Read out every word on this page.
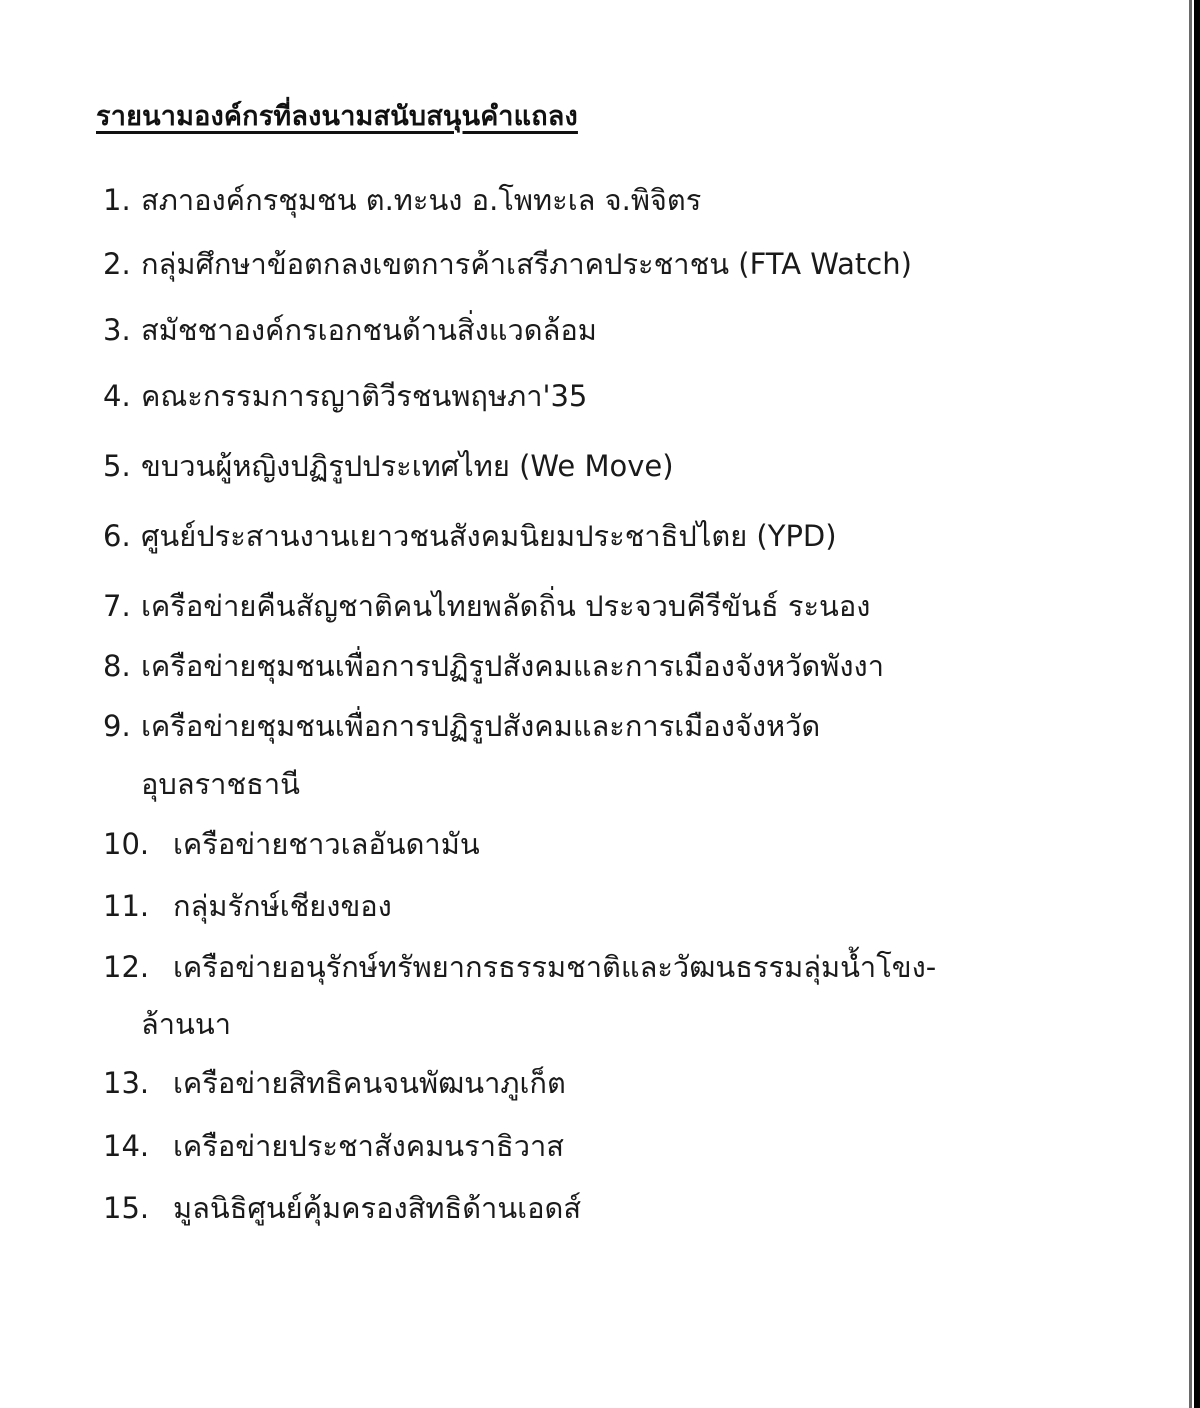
รายนามองค์กรที่ลงนามสนับสนุนคำแถลง
1. สภาองค์กรชุมชน ต.ทะนง อ.โพทะเล จ.พิจิตร
2. กลุ่มศึกษาข้อตกลงเขตการค้าเสรีภาคประชาชน (FTA Watch)
3. สมัชชาองค์กรเอกชนด้านสิ่งแวดล้อม
4. คณะกรรมการญาติวีรชนพฤษภา'35
5. ขบวนผู้หญิงปฏิรูปประเทศไทย (We Move)
6. ศูนย์ประสานงานเยาวชนสังคมนิยมประชาธิปไตย (YPD)
7. เครือข่ายคืนสัญชาติคนไทยพลัดถิ่น ประจวบคีรีขันธ์ ระนอง
8. เครือข่ายชุมชนเพื่อการปฏิรูปสังคมและการเมืองจังหวัดพังงา
9. เครือข่ายชุมชนเพื่อการปฏิรูปสังคมและการเมืองจังหวัด
อุบลราชธานี
10. เครือข่ายชาวเลอันดามัน
11. กลุ่มรักษ์เชียงของ
12. เครือข่ายอนุรักษ์ทรัพยากรธรรมชาติและวัฒนธรรมลุ่มน้ำโขง-
ล้านนา
13. เครือข่ายสิทธิคนจนพัฒนาภูเก็ต
14. เครือข่ายประชาสังคมนราธิวาส
15. มูลนิธิศูนย์คุ้มครองสิทธิด้านเอดส์
